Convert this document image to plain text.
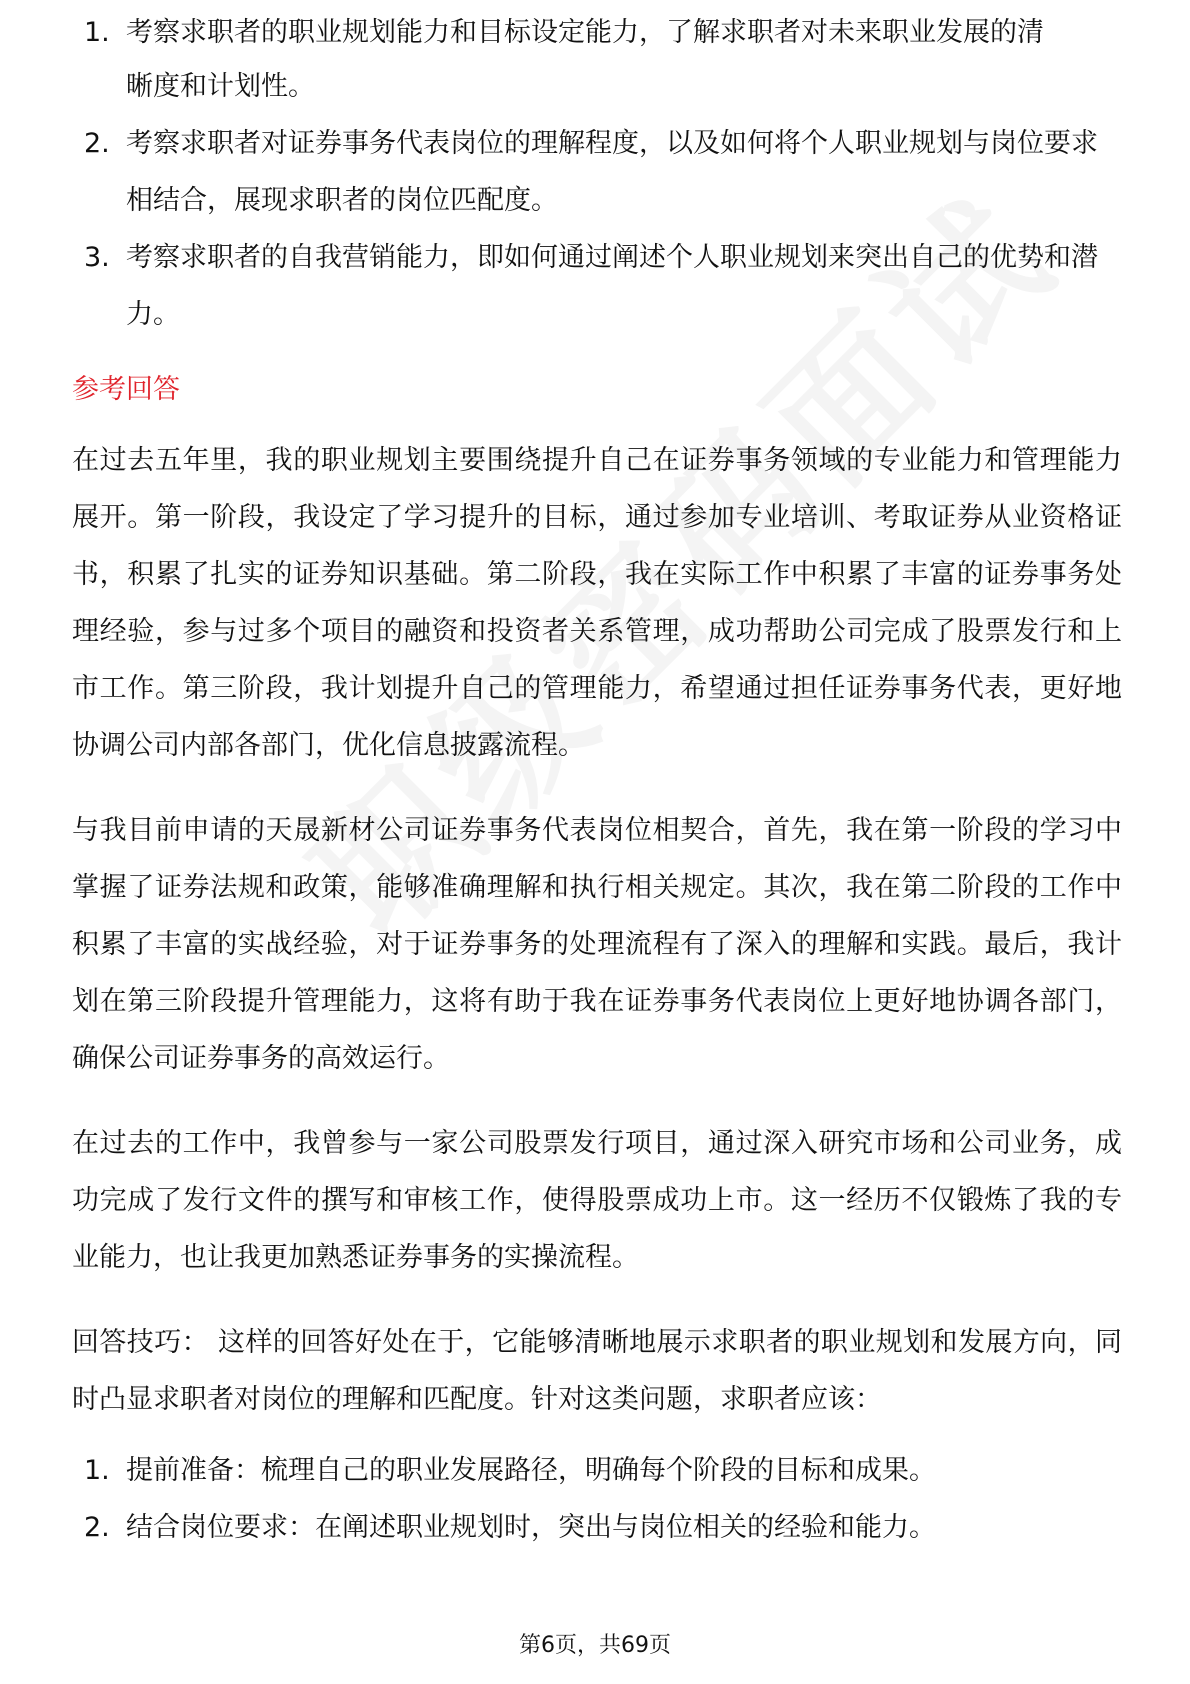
1. 考察求职者的职业规划能力和目标设定能力，了解求职者对未来职业发展的清
晰度和计划性。
2. 考察求职者对证券事务代表岗位的理解程度，以及如何将个人职业规划与岗位要求相结合，展现求职者的岗位匹配度。
3. 考察求职者的自我营销能力，即如何通过阐述个人职业规划来突出自己的优势和潜力。
参考回答

在过去五年里，我的职业规划主要围绕提升自己在证券事务领域的专业能力和管理能力展开。第一阶段，我设定了学习提升的目标，通过参加专业培训、考取证券从业资格证书，积累了扎实的证券知识基础。第二阶段，我在实际工作中积累了丰富的证券事务处理经验，参与过多个项目的融资和投资者关系管理，成功帮助公司完成了股票发行和上市工作。第三阶段，我计划提升自己的管理能力，希望通过担任证券事务代表，更好地协调公司内部各部门，优化信息披露流程。

与我目前申请的天晟新材公司证券事务代表岗位相契合，首先，我在第一阶段的学习中掌握了证券法规和政策，能够准确理解和执行相关规定。其次，我在第二阶段的工作中积累了丰富的实战经验，对于证券事务的处理流程有了深入的理解和实践。最后，我计划在第三阶段提升管理能力，这将有助于我在证券事务代表岗位上更好地协调各部门，确保公司证券事务的高效运行。

在过去的工作中，我曾参与一家公司股票发行项目，通过深入研究市场和公司业务，成功完成了发行文件的撰写和审核工作，使得股票成功上市。这一经历不仅锻炼了我的专业能力，也让我更加熟悉证券事务的实操流程。

回答技巧： 这样的回答好处在于，它能够清晰地展示求职者的职业规划和发展方向，同时凸显求职者对岗位的理解和匹配度。针对这类问题，求职者应该：

1. 提前准备：梳理自己的职业发展路径，明确每个阶段的目标和成果。
2. 结合岗位要求：在阐述职业规划时，突出与岗位相关的经验和能力。
第6页，共69页
